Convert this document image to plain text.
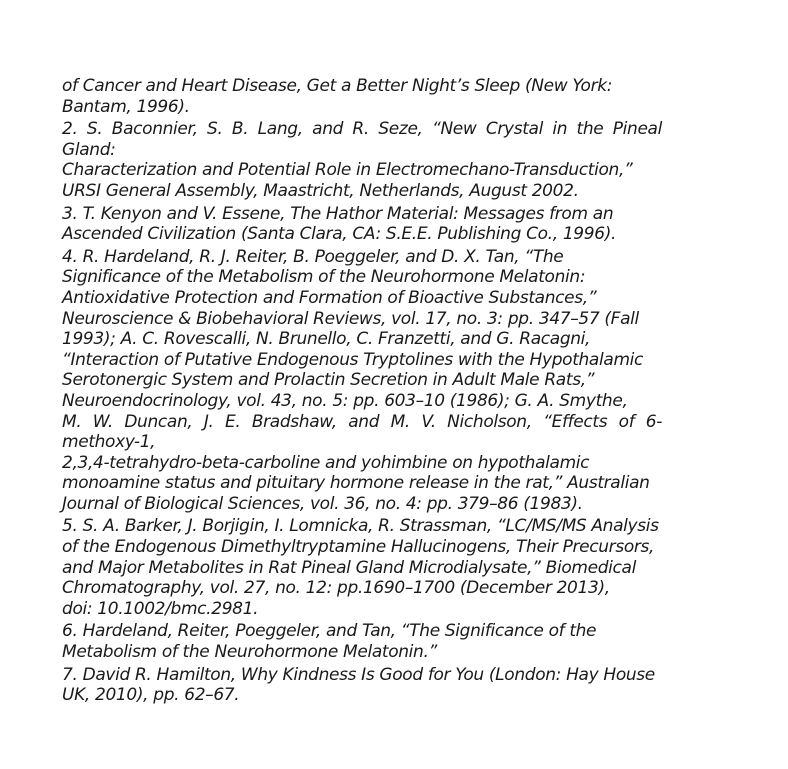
of Cancer and Heart Disease, Get a Better Night’s Sleep (New York:
Bantam, 1996).

2. S. Baconnier, S. B. Lang, and R. Seze, “New Crystal in the Pineal Gland:
Characterization and Potential Role in Electromechano-Transduction,”
URSI General Assembly, Maastricht, Netherlands, August 2002.

3. T. Kenyon and V. Essene, The Hathor Material: Messages from an
Ascended Civilization (Santa Clara, CA: S.E.E. Publishing Co., 1996).

4. R. Hardeland, R. J. Reiter, B. Poeggeler, and D. X. Tan, “The
Significance of the Metabolism of the Neurohormone Melatonin:
Antioxidative Protection and Formation of Bioactive Substances,”
Neuroscience & Biobehavioral Reviews, vol. 17, no. 3: pp. 347–57 (Fall
1993); A. C. Rovescalli, N. Brunello, C. Franzetti, and G. Racagni,
“Interaction of Putative Endogenous Tryptolines with the Hypothalamic
Serotonergic System and Prolactin Secretion in Adult Male Rats,”
Neuroendocrinology, vol. 43, no. 5: pp. 603–10 (1986); G. A. Smythe,
M. W. Duncan, J. E. Bradshaw, and M. V. Nicholson, “Effects of 6-methoxy-1,
2,3,4-tetrahydro-beta-carboline and yohimbine on hypothalamic
monoamine status and pituitary hormone release in the rat,” Australian
Journal of Biological Sciences, vol. 36, no. 4: pp. 379–86 (1983).

5. S. A. Barker, J. Borjigin, I. Lomnicka, R. Strassman, “LC/MS/MS Analysis
of the Endogenous Dimethyltryptamine Hallucinogens, Their Precursors,
and Major Metabolites in Rat Pineal Gland Microdialysate,” Biomedical
Chromatography, vol. 27, no. 12: pp.1690–1700 (December 2013),
doi: 10.1002/bmc.2981.

6. Hardeland, Reiter, Poeggeler, and Tan, “The Significance of the
Metabolism of the Neurohormone Melatonin.”

7. David R. Hamilton, Why Kindness Is Good for You (London: Hay House
UK, 2010), pp. 62–67.
